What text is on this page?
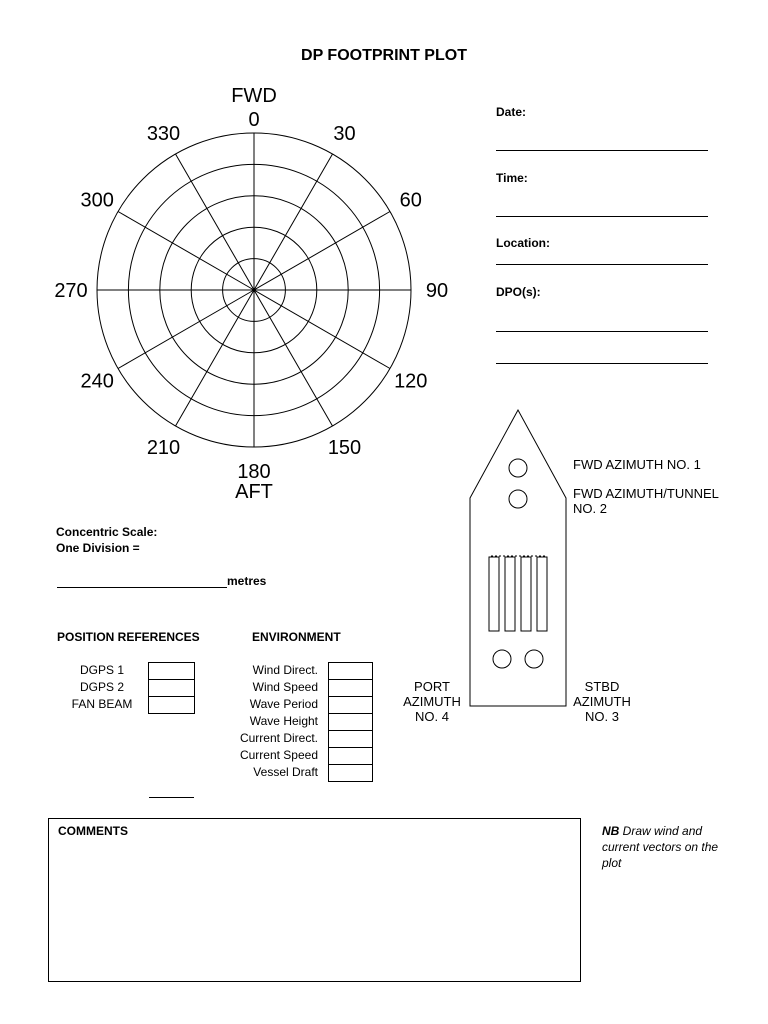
DP FOOTPRINT PLOT
0
30
60
90
120
150
180
210
240
270
300
330
FWD
AFT
Date:
Time:
Location:
DPO(s):
FWD AZIMUTH NO. 1
FWD AZIMUTH/TUNNEL
NO. 2
PORT
AZIMUTH
NO. 4
STBD
AZIMUTH
NO. 3
Concentric Scale:
One Division =
metres
POSITION REFERENCES
DGPS 1
DGPS 2
FAN BEAM
ENVIRONMENT
Wind Direct.
Wind Speed
Wave Period
Wave Height
Current Direct.
Current Speed
Vessel Draft
COMMENTS	NB Draw wind and current vectors on the plot
